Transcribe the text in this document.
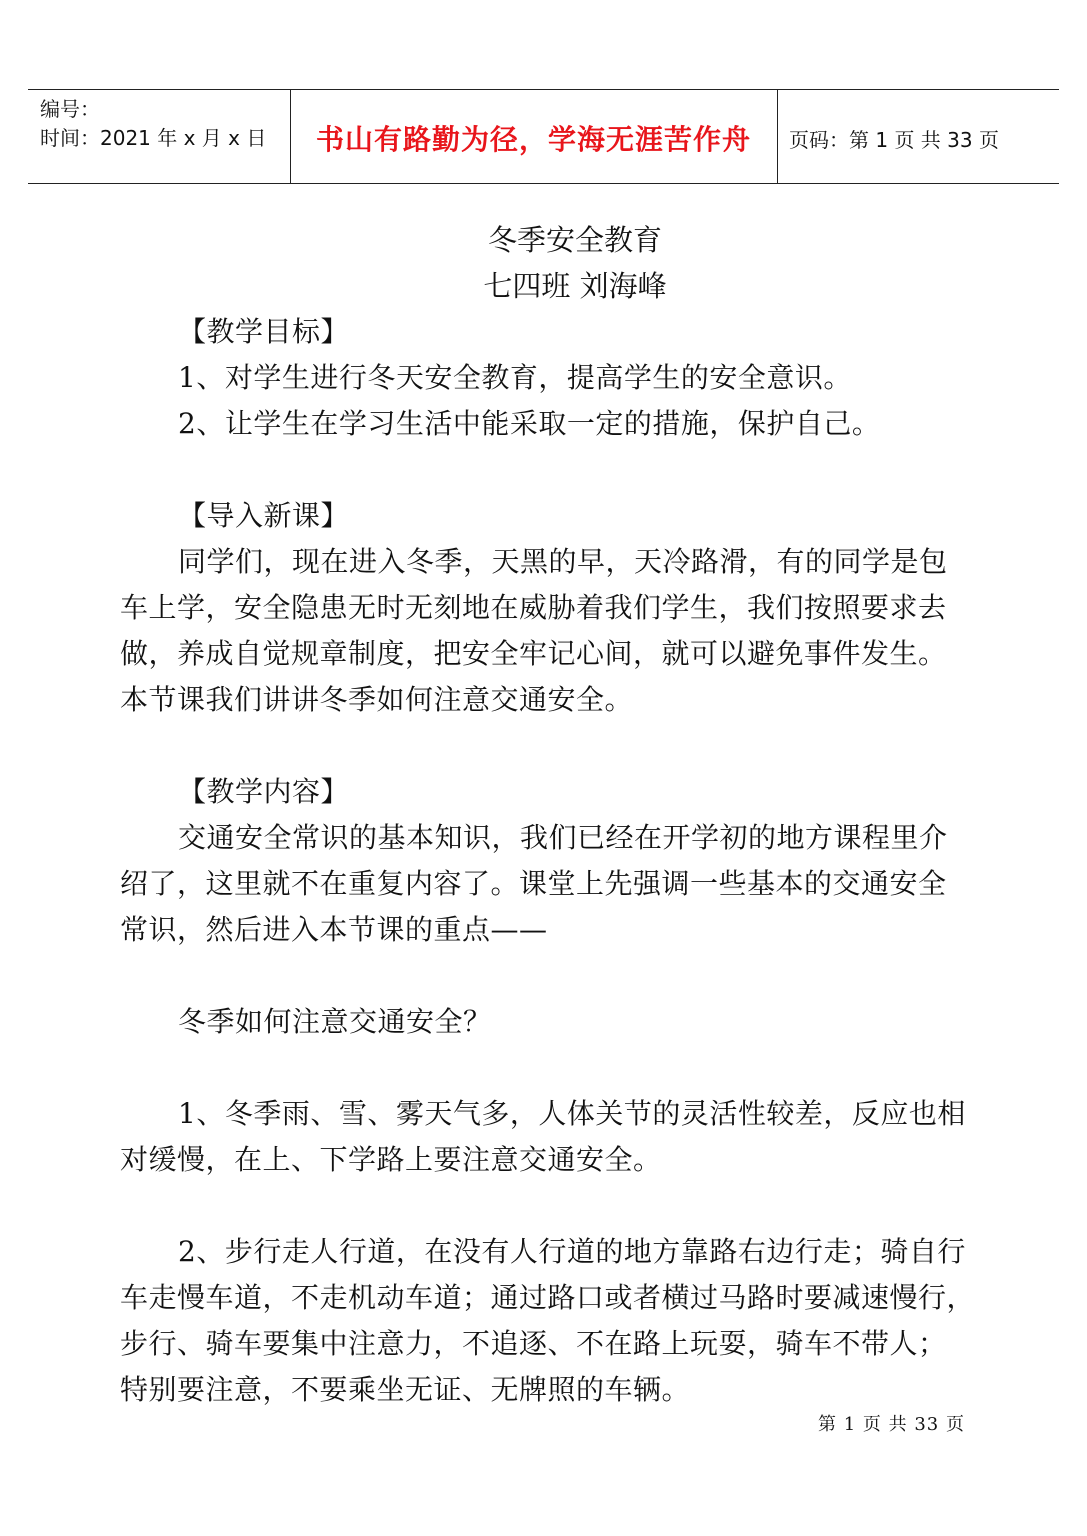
编号：
时间：2021 年 x 月 x 日	书山有路勤为径，学海无涯苦作舟	页码：第 1 页 共 33 页
冬季安全教育
七四班 刘海峰
【教学目标】
1、对学生进行冬天安全教育，提高学生的安全意识。
2、让学生在学习生活中能采取一定的措施，保护自己。
【导入新课】
同学们，现在进入冬季，天黑的早，天冷路滑，有的同学是包
车上学，安全隐患无时无刻地在威胁着我们学生，我们按照要求去
做，养成自觉规章制度，把安全牢记心间，就可以避免事件发生。
本节课我们讲讲冬季如何注意交通安全。
【教学内容】
交通安全常识的基本知识，我们已经在开学初的地方课程里介
绍了，这里就不在重复内容了。课堂上先强调一些基本的交通安全
常识，然后进入本节课的重点——
冬季如何注意交通安全？
1、冬季雨、雪、雾天气多，人体关节的灵活性较差，反应也相
对缓慢，在上、下学路上要注意交通安全。
2、步行走人行道，在没有人行道的地方靠路右边行走；骑自行
车走慢车道，不走机动车道；通过路口或者横过马路时要减速慢行，
步行、骑车要集中注意力，不追逐、不在路上玩耍，骑车不带人；
特别要注意，不要乘坐无证、无牌照的车辆。
第 1 页 共 33 页
